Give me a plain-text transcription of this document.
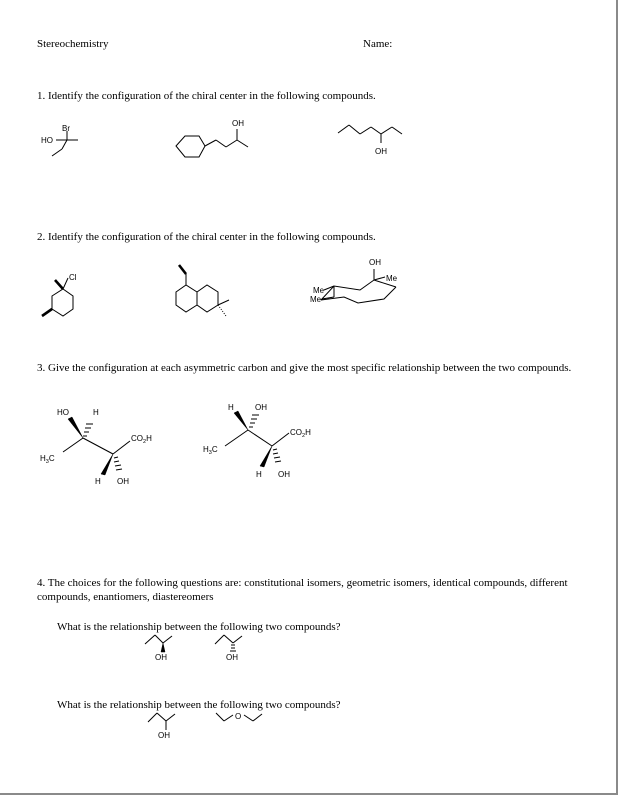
Stereochemistry	Name:
1. Identify the configuration of the chiral center in the following compounds.
Br
HO
OH
OH
2. Identify the configuration of the chiral center in the following compounds.
Cl
OH
Me
Me
Me
3. Give the configuration at each asymmetric carbon and give the most specific relationship between the two compounds.
HO	H
$CO_2H$
$H_3C$
H OH
H	OH
$CO_2H$
$H_3C$
H OH
4. The choices for the following questions are: constitutional isomers, geometric isomers, identical compounds, different compounds, enantiomers, diastereomers
What is the relationship between the following two compounds?
OH	OH
What is the relationship between the following two compounds?
OH
O
